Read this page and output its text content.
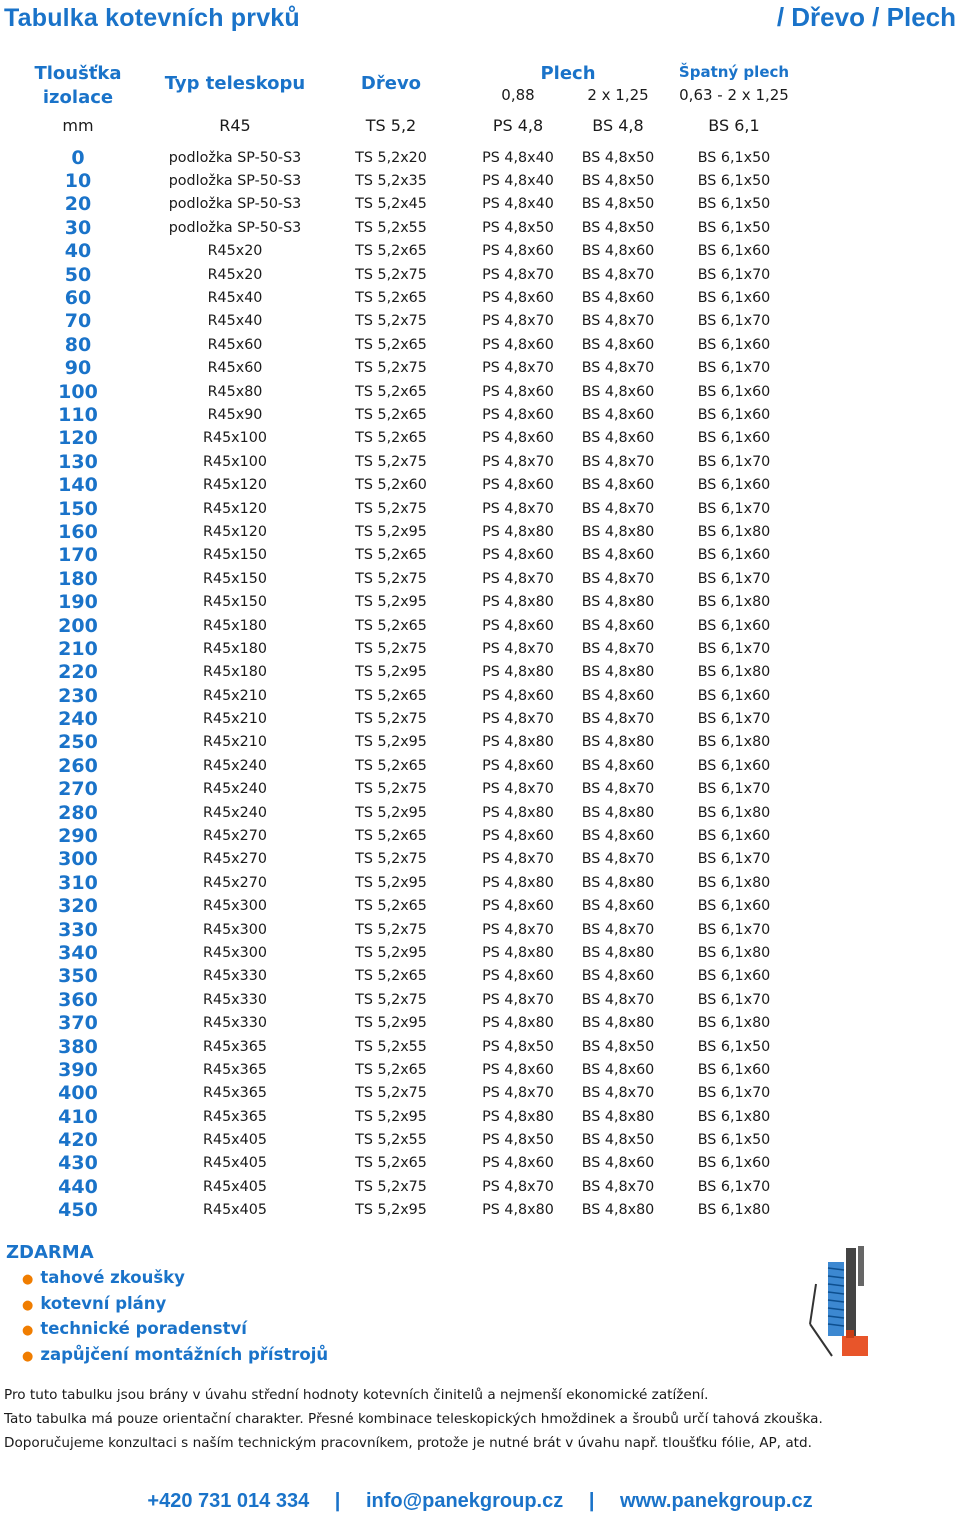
Tabulka kotevních prvků	/ Dřevo / Plech
Tloušťka
izolace
Typ teleskopu	Dřevo	Plech
0,88	2 x 1,25
Špatný plech
0,63 - 2 x 1,25
mm	R45	TS 5,2	PS 4,8	BS 4,8	BS 6,1
0	podložka SP-50-S3	TS 5,2x20	PS 4,8x40	BS 4,8x50	BS 6,1x50
10	podložka SP-50-S3	TS 5,2x35	PS 4,8x40	BS 4,8x50	BS 6,1x50
20	podložka SP-50-S3	TS 5,2x45	PS 4,8x40	BS 4,8x50	BS 6,1x50
30	podložka SP-50-S3	TS 5,2x55	PS 4,8x50	BS 4,8x50	BS 6,1x50
40	R45x20	TS 5,2x65	PS 4,8x60	BS 4,8x60	BS 6,1x60
50	R45x20	TS 5,2x75	PS 4,8x70	BS 4,8x70	BS 6,1x70
60	R45x40	TS 5,2x65	PS 4,8x60	BS 4,8x60	BS 6,1x60
70	R45x40	TS 5,2x75	PS 4,8x70	BS 4,8x70	BS 6,1x70
80	R45x60	TS 5,2x65	PS 4,8x60	BS 4,8x60	BS 6,1x60
90	R45x60	TS 5,2x75	PS 4,8x70	BS 4,8x70	BS 6,1x70
100	R45x80	TS 5,2x65	PS 4,8x60	BS 4,8x60	BS 6,1x60
110	R45x90	TS 5,2x65	PS 4,8x60	BS 4,8x60	BS 6,1x60
120	R45x100	TS 5,2x65	PS 4,8x60	BS 4,8x60	BS 6,1x60
130	R45x100	TS 5,2x75	PS 4,8x70	BS 4,8x70	BS 6,1x70
140	R45x120	TS 5,2x60	PS 4,8x60	BS 4,8x60	BS 6,1x60
150	R45x120	TS 5,2x75	PS 4,8x70	BS 4,8x70	BS 6,1x70
160	R45x120	TS 5,2x95	PS 4,8x80	BS 4,8x80	BS 6,1x80
170	R45x150	TS 5,2x65	PS 4,8x60	BS 4,8x60	BS 6,1x60
180	R45x150	TS 5,2x75	PS 4,8x70	BS 4,8x70	BS 6,1x70
190	R45x150	TS 5,2x95	PS 4,8x80	BS 4,8x80	BS 6,1x80
200	R45x180	TS 5,2x65	PS 4,8x60	BS 4,8x60	BS 6,1x60
210	R45x180	TS 5,2x75	PS 4,8x70	BS 4,8x70	BS 6,1x70
220	R45x180	TS 5,2x95	PS 4,8x80	BS 4,8x80	BS 6,1x80
230	R45x210	TS 5,2x65	PS 4,8x60	BS 4,8x60	BS 6,1x60
240	R45x210	TS 5,2x75	PS 4,8x70	BS 4,8x70	BS 6,1x70
250	R45x210	TS 5,2x95	PS 4,8x80	BS 4,8x80	BS 6,1x80
260	R45x240	TS 5,2x65	PS 4,8x60	BS 4,8x60	BS 6,1x60
270	R45x240	TS 5,2x75	PS 4,8x70	BS 4,8x70	BS 6,1x70
280	R45x240	TS 5,2x95	PS 4,8x80	BS 4,8x80	BS 6,1x80
290	R45x270	TS 5,2x65	PS 4,8x60	BS 4,8x60	BS 6,1x60
300	R45x270	TS 5,2x75	PS 4,8x70	BS 4,8x70	BS 6,1x70
310	R45x270	TS 5,2x95	PS 4,8x80	BS 4,8x80	BS 6,1x80
320	R45x300	TS 5,2x65	PS 4,8x60	BS 4,8x60	BS 6,1x60
330	R45x300	TS 5,2x75	PS 4,8x70	BS 4,8x70	BS 6,1x70
340	R45x300	TS 5,2x95	PS 4,8x80	BS 4,8x80	BS 6,1x80
350	R45x330	TS 5,2x65	PS 4,8x60	BS 4,8x60	BS 6,1x60
360	R45x330	TS 5,2x75	PS 4,8x70	BS 4,8x70	BS 6,1x70
370	R45x330	TS 5,2x95	PS 4,8x80	BS 4,8x80	BS 6,1x80
380	R45x365	TS 5,2x55	PS 4,8x50	BS 4,8x50	BS 6,1x50
390	R45x365	TS 5,2x65	PS 4,8x60	BS 4,8x60	BS 6,1x60
400	R45x365	TS 5,2x75	PS 4,8x70	BS 4,8x70	BS 6,1x70
410	R45x365	TS 5,2x95	PS 4,8x80	BS 4,8x80	BS 6,1x80
420	R45x405	TS 5,2x55	PS 4,8x50	BS 4,8x50	BS 6,1x50
430	R45x405	TS 5,2x65	PS 4,8x60	BS 4,8x60	BS 6,1x60
440	R45x405	TS 5,2x75	PS 4,8x70	BS 4,8x70	BS 6,1x70
450	R45x405	TS 5,2x95	PS 4,8x80	BS 4,8x80	BS 6,1x80
ZDARMA
● tahové zkoušky
● kotevní plány
● technické poradenství
● zapůjčení montážních přístrojů
Pro tuto tabulku jsou brány v úvahu střední hodnoty kotevních činitelů a nejmenší ekonomické zatížení.
Tato tabulka má pouze orientační charakter. Přesné kombinace teleskopických hmoždinek a šroubů určí tahová zkouška.
Doporučujeme konzultaci s naším technickým pracovníkem, protože je nutné brát v úvahu např. tloušťku fólie, AP, atd.
+420 731 014 334 | info@panekgroup.cz | www.panekgroup.cz
